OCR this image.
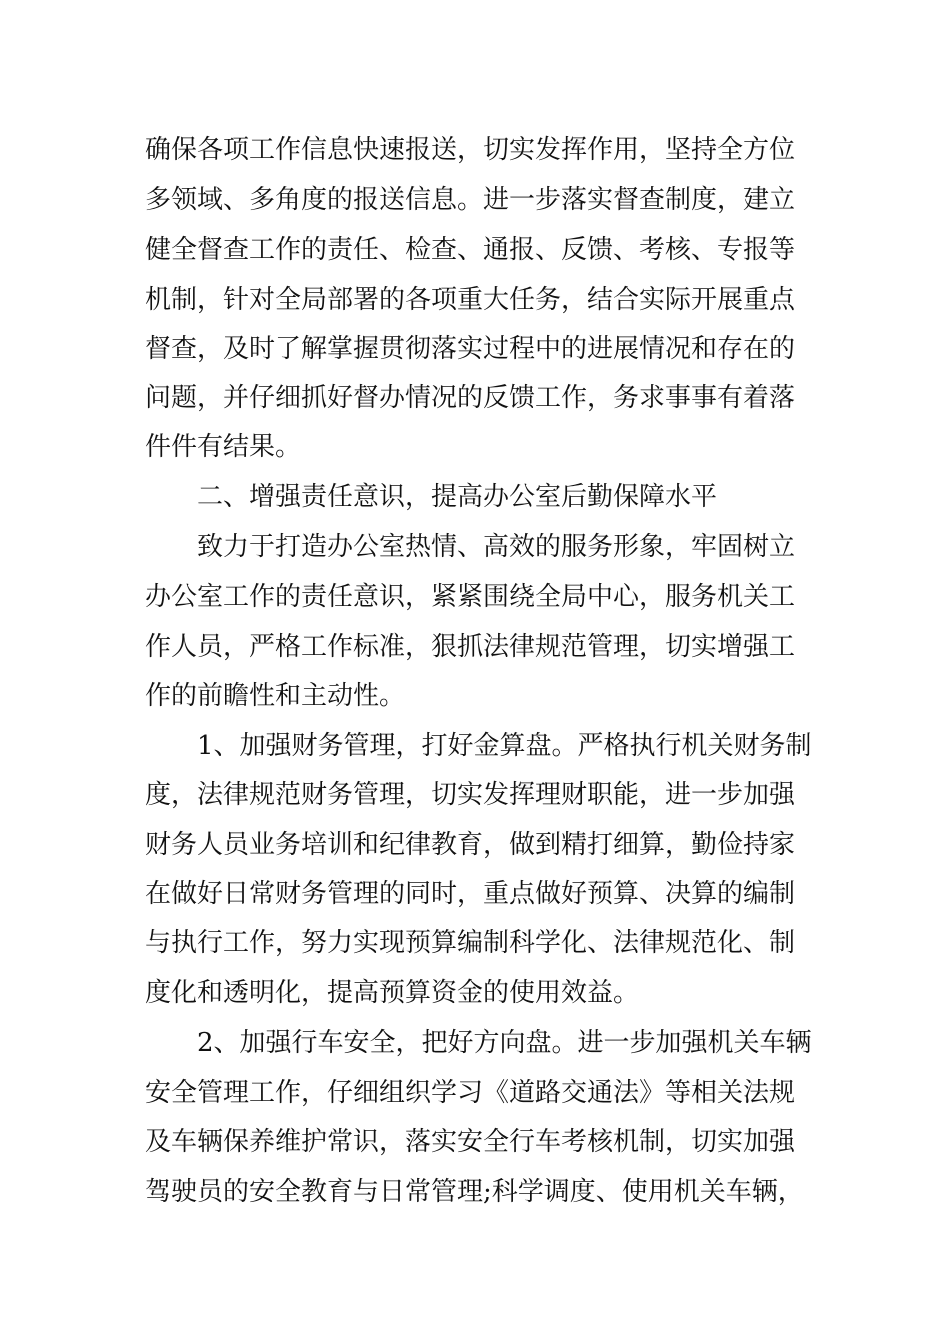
确保各项工作信息快速报送，切实发挥作用，坚持全方位
多领域、多角度的报送信息。进一步落实督查制度，建立
健全督查工作的责任、检查、通报、反馈、考核、专报等
机制，针对全局部署的各项重大任务，结合实际开展重点
督查，及时了解掌握贯彻落实过程中的进展情况和存在的
问题，并仔细抓好督办情况的反馈工作，务求事事有着落
件件有结果。
二、增强责任意识，提高办公室后勤保障水平
致力于打造办公室热情、高效的服务形象，牢固树立
办公室工作的责任意识，紧紧围绕全局中心，服务机关工
作人员，严格工作标准，狠抓法律规范管理，切实增强工
作的前瞻性和主动性。
1、加强财务管理，打好金算盘。严格执行机关财务制
度，法律规范财务管理，切实发挥理财职能，进一步加强
财务人员业务培训和纪律教育，做到精打细算，勤俭持家
在做好日常财务管理的同时，重点做好预算、决算的编制
与执行工作，努力实现预算编制科学化、法律规范化、制
度化和透明化，提高预算资金的使用效益。
2、加强行车安全，把好方向盘。进一步加强机关车辆
安全管理工作，仔细组织学习《道路交通法》等相关法规
及车辆保养维护常识，落实安全行车考核机制，切实加强
驾驶员的安全教育与日常管理;科学调度、使用机关车辆，
